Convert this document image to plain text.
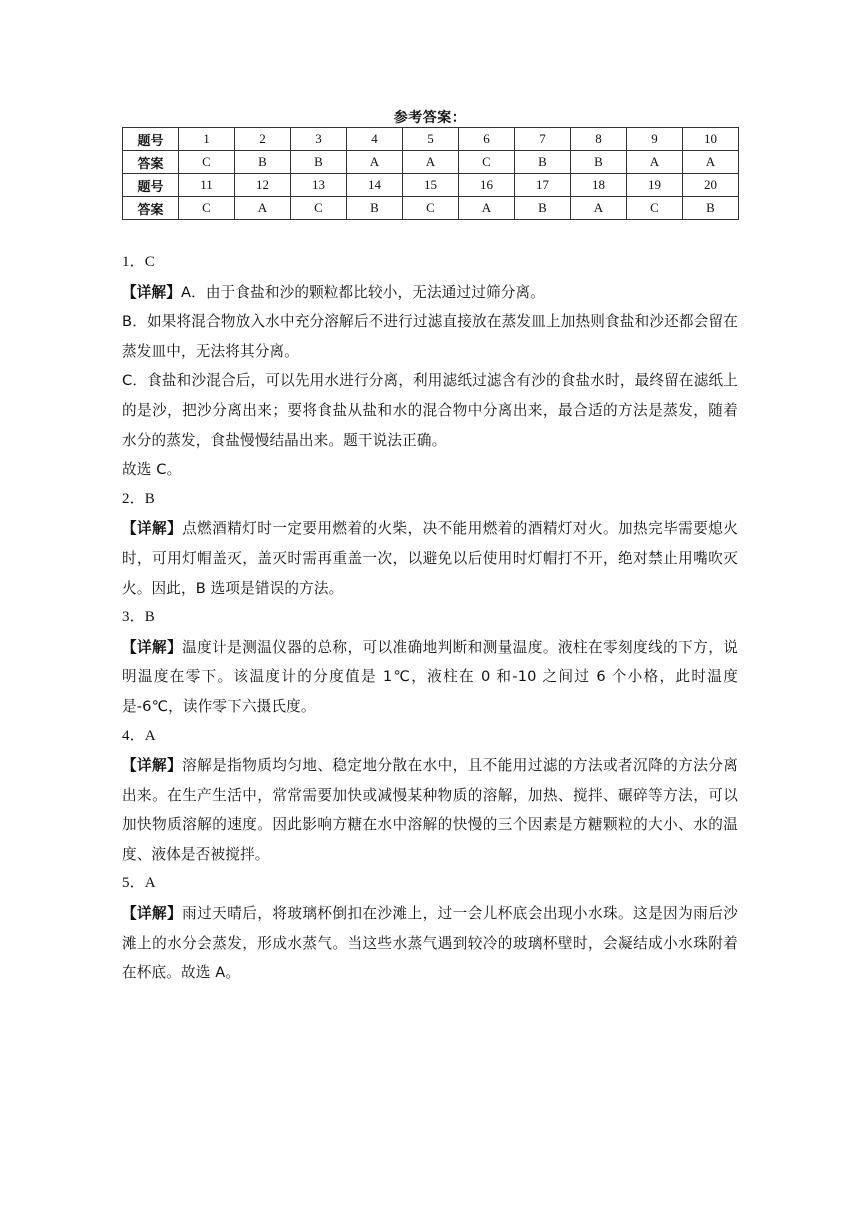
参考答案：
题号	1	2	3	4	5	6	7	8	9	10
答案	C	B	B	A	A	C	B	B	A	A
题号	11	12	13	14	15	16	17	18	19	20
答案	C	A	C	B	C	A	B	A	C	B

1．C

【详解】A．由于食盐和沙的颗粒都比较小，无法通过过筛分离。

B．如果将混合物放入水中充分溶解后不进行过滤直接放在蒸发皿上加热则食盐和沙还都会留在蒸发皿中，无法将其分离。

C．食盐和沙混合后，可以先用水进行分离，利用滤纸过滤含有沙的食盐水时，最终留在滤纸上的是沙，把沙分离出来；要将食盐从盐和水的混合物中分离出来，最合适的方法是蒸发，随着水分的蒸发，食盐慢慢结晶出来。题干说法正确。

故选 C。

2．B

【详解】点燃酒精灯时一定要用燃着的火柴，决不能用燃着的酒精灯对火。加热完毕需要熄火时，可用灯帽盖灭，盖灭时需再重盖一次，以避免以后使用时灯帽打不开，绝对禁止用嘴吹灭火。因此，B 选项是错误的方法。

3．B

【详解】温度计是测温仪器的总称，可以准确地判断和测量温度。液柱在零刻度线的下方，说明温度在零下。该温度计的分度值是 1℃，液柱在 0 和-10 之间过 6 个小格，此时温度是-6℃，读作零下六摄氏度。

4．A

【详解】溶解是指物质均匀地、稳定地分散在水中，且不能用过滤的方法或者沉降的方法分离出来。在生产生活中，常常需要加快或减慢某种物质的溶解，加热、搅拌、碾碎等方法，可以加快物质溶解的速度。因此影响方糖在水中溶解的快慢的三个因素是方糖颗粒的大小、水的温度、液体是否被搅拌。

5．A

【详解】雨过天晴后，将玻璃杯倒扣在沙滩上，过一会儿杯底会出现小水珠。这是因为雨后沙滩上的水分会蒸发，形成水蒸气。当这些水蒸气遇到较冷的玻璃杯壁时，会凝结成小水珠附着在杯底。故选 A。
